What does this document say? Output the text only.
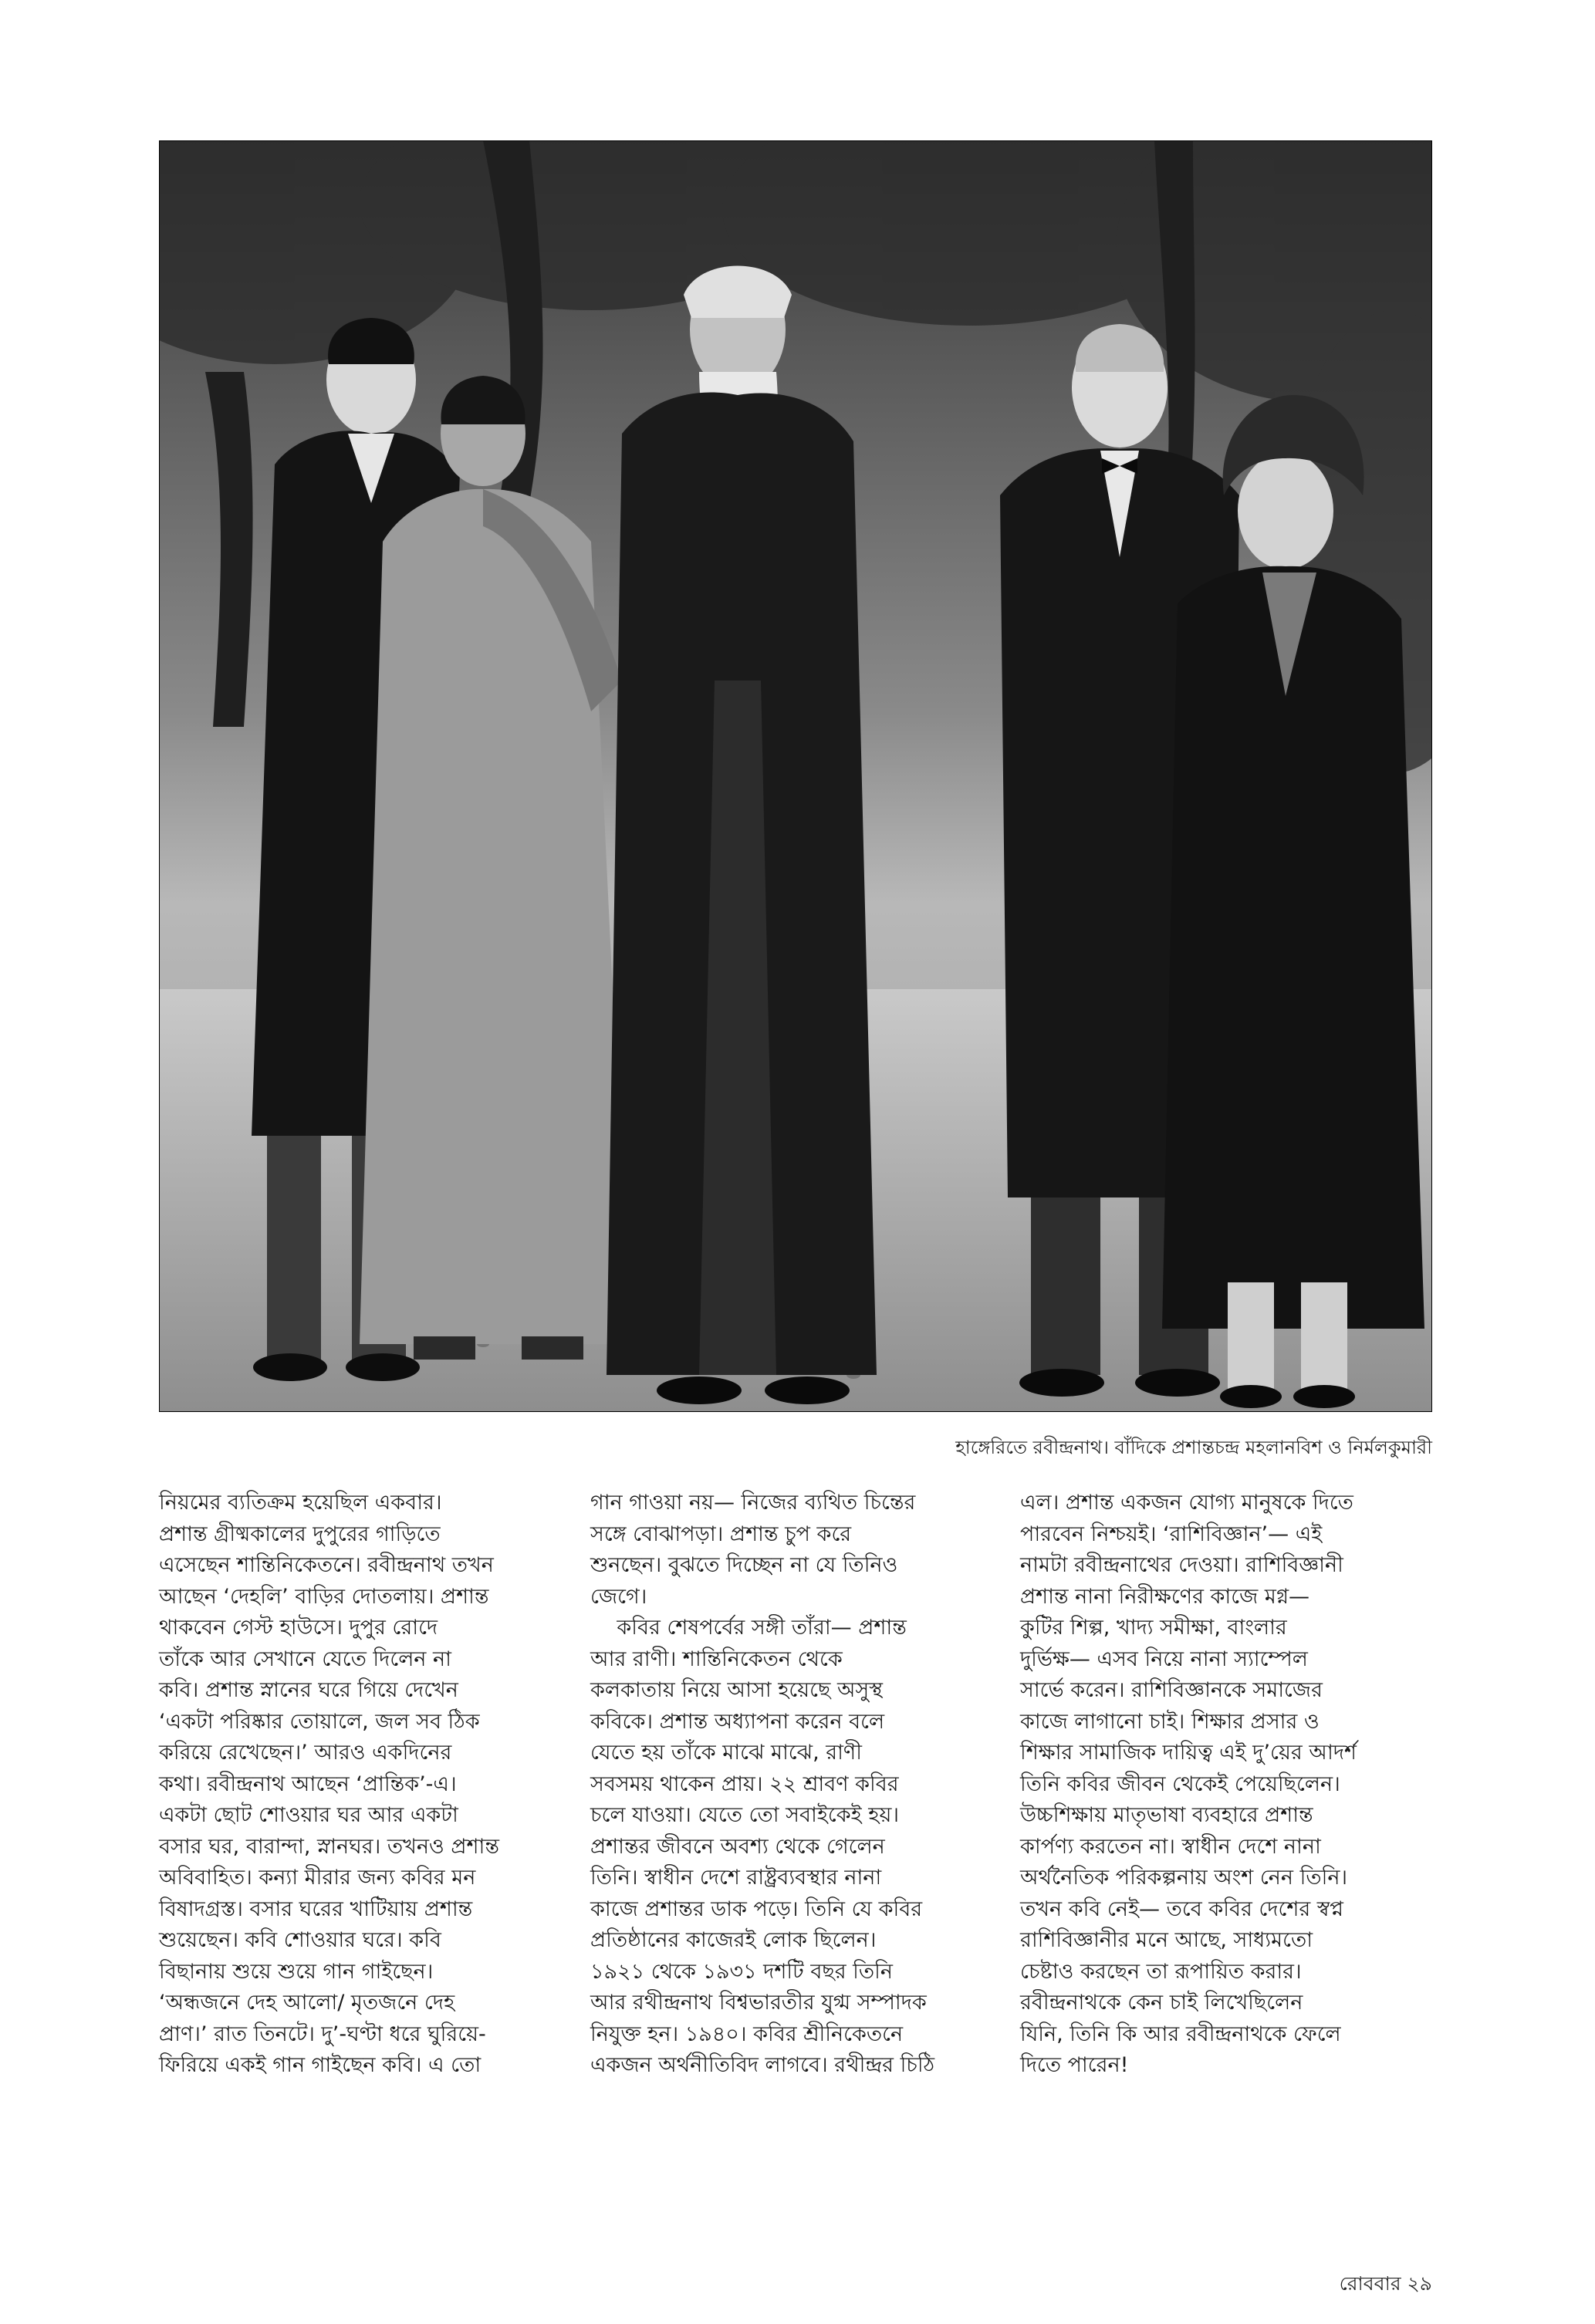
হাঙ্গেরিতে রবীন্দ্রনাথ। বাঁদিকে প্রশান্তচন্দ্র মহলানবিশ ও নির্মলকুমারী

নিয়মের ব্যতিক্রম হয়েছিল একবার।
প্রশান্ত গ্রীষ্মকালের দুপুরের গাড়িতে
এসেছেন শান্তিনিকেতনে। রবীন্দ্রনাথ তখন
আছেন ‘দেহলি’ বাড়ির দোতলায়। প্রশান্ত
থাকবেন গেস্ট হাউসে। দুপুর রোদে
তাঁকে আর সেখানে যেতে দিলেন না
কবি। প্রশান্ত স্নানের ঘরে গিয়ে দেখেন
‘একটা পরিষ্কার তোয়ালে, জল সব ঠিক
করিয়ে রেখেছেন।’ আরও একদিনের
কথা। রবীন্দ্রনাথ আছেন ‘প্রান্তিক’-এ।
একটা ছোট শোওয়ার ঘর আর একটা
বসার ঘর, বারান্দা, স্নানঘর। তখনও প্রশান্ত
অবিবাহিত। কন্যা মীরার জন্য কবির মন
বিষাদগ্রস্ত। বসার ঘরের খাটিয়ায় প্রশান্ত
শুয়েছেন। কবি শোওয়ার ঘরে। কবি
বিছানায় শুয়ে শুয়ে গান গাইছেন।
‘অন্ধজনে দেহ আলো/ মৃতজনে দেহ
প্রাণ।’ রাত তিনটে। দু’-ঘণ্টা ধরে ঘুরিয়ে-
ফিরিয়ে একই গান গাইছেন কবি। এ তো

গান গাওয়া নয়— নিজের ব্যথিত চিন্তের
সঙ্গে বোঝাপড়া। প্রশান্ত চুপ করে
শুনছেন। বুঝতে দিচ্ছেন না যে তিনিও
জেগে।
কবির শেষপর্বের সঙ্গী তাঁরা— প্রশান্ত
আর রাণী। শান্তিনিকেতন থেকে
কলকাতায় নিয়ে আসা হয়েছে অসুস্থ
কবিকে। প্রশান্ত অধ্যাপনা করেন বলে
যেতে হয় তাঁকে মাঝে মাঝে, রাণী
সবসময় থাকেন প্রায়। ২২ শ্রাবণ কবির
চলে যাওয়া। যেতে তো সবাইকেই হয়।
প্রশান্তর জীবনে অবশ্য থেকে গেলেন
তিনি। স্বাধীন দেশে রাষ্ট্রব্যবস্থার নানা
কাজে প্রশান্তর ডাক পড়ে। তিনি যে কবির
প্রতিষ্ঠানের কাজেরই লোক ছিলেন।
১৯২১ থেকে ১৯৩১ দশটি বছর তিনি
আর রথীন্দ্রনাথ বিশ্বভারতীর যুগ্ম সম্পাদক
নিযুক্ত হন। ১৯৪০। কবির শ্রীনিকেতনে
একজন অর্থনীতিবিদ লাগবে। রথীন্দ্রর চিঠি

এল। প্রশান্ত একজন যোগ্য মানুষকে দিতে
পারবেন নিশ্চয়ই। ‘রাশিবিজ্ঞান’— এই
নামটা রবীন্দ্রনাথের দেওয়া। রাশিবিজ্ঞানী
প্রশান্ত নানা নিরীক্ষণের কাজে মগ্ন—
কুটির শিল্প, খাদ্য সমীক্ষা, বাংলার
দুর্ভিক্ষ— এসব নিয়ে নানা স্যাম্পেল
সার্ভে করেন। রাশিবিজ্ঞানকে সমাজের
কাজে লাগানো চাই। শিক্ষার প্রসার ও
শিক্ষার সামাজিক দায়িত্ব এই দু’য়ের আদর্শ
তিনি কবির জীবন থেকেই পেয়েছিলেন।
উচ্চশিক্ষায় মাতৃভাষা ব্যবহারে প্রশান্ত
কার্পণ্য করতেন না। স্বাধীন দেশে নানা
অর্থনৈতিক পরিকল্পনায় অংশ নেন তিনি।
তখন কবি নেই— তবে কবির দেশের স্বপ্ন
রাশিবিজ্ঞানীর মনে আছে, সাধ্যমতো
চেষ্টাও করছেন তা রূপায়িত করার।
রবীন্দ্রনাথকে কেন চাই লিখেছিলেন
যিনি, তিনি কি আর রবীন্দ্রনাথকে ফেলে
দিতে পারেন!

রোববার ২৯
